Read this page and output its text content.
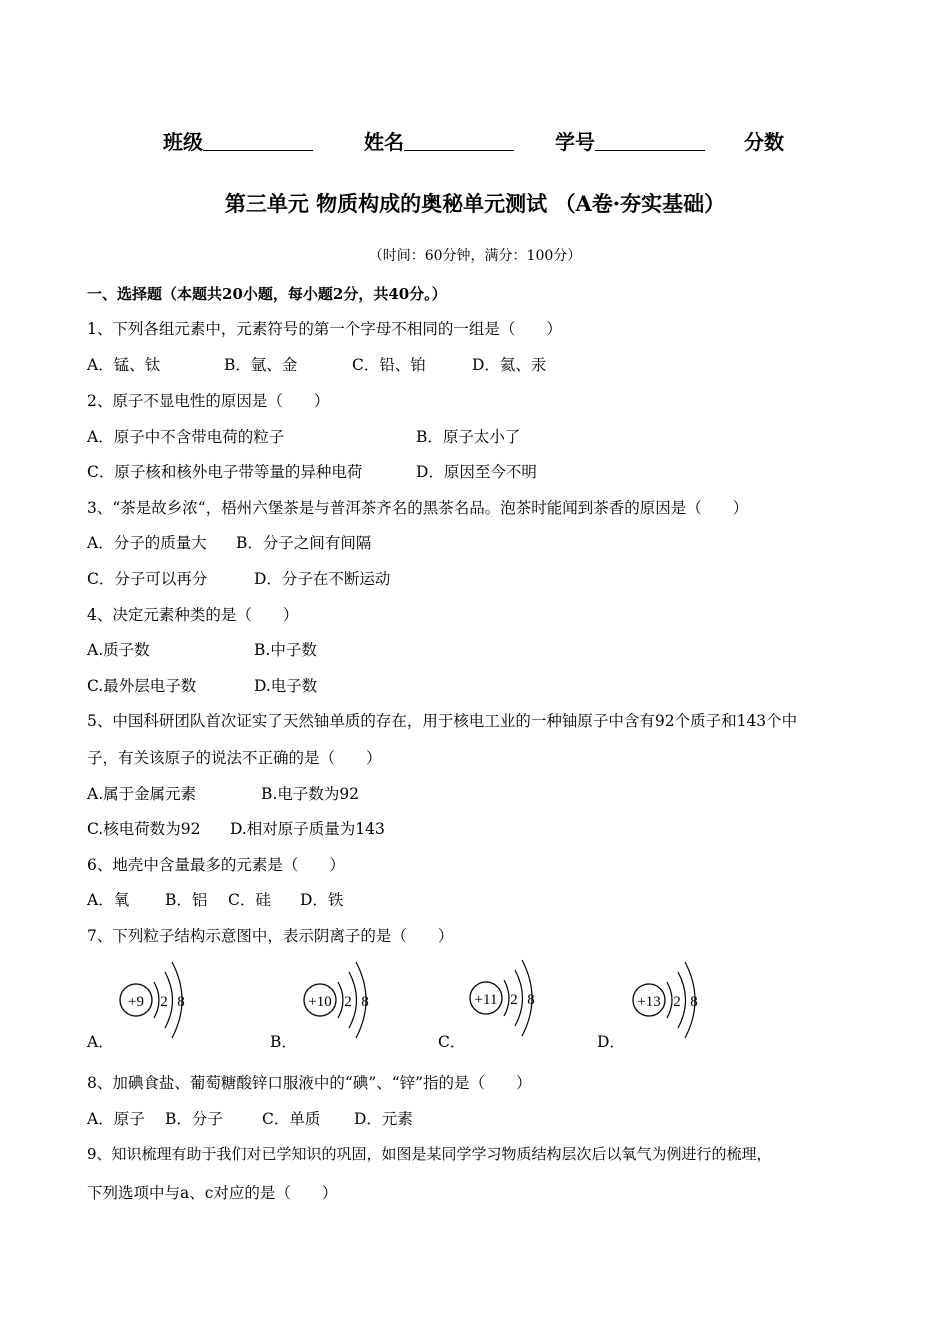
班级	姓名	学号	分数
第三单元 物质构成的奥秘单元测试 （A卷·夯实基础）
（时间：60分钟，满分：100分）
一、选择题（本题共20小题，每小题2分，共40分。）
1、下列各组元素中，元素符号的第一个字母不相同的一组是（　　）
A．锰、钛	B．氩、金	C．铅、铂	D．氦、汞
2、原子不显电性的原因是（　　）
A．原子中不含带电荷的粒子	B．原子太小了
C．原子核和核外电子带等量的异种电荷	D．原因至今不明
3、“茶是故乡浓“，梧州六堡茶是与普洱茶齐名的黑茶名品。泡茶时能闻到茶香的原因是（　　）
A．分子的质量大 B．分子之间有间隔
C．分子可以再分	D．分子在不断运动
4、决定元素种类的是（　　）
A.质子数	B.中子数
C.最外层电子数	D.电子数
5、中国科研团队首次证实了天然铀单质的存在，用于核电工业的一种铀原子中含有92个质子和143个中
子，有关该原子的说法不正确的是（　　）
A.属于金属元素	B.电子数为92
C.核电荷数为92 D.相对原子质量为143
6、地壳中含量最多的元素是（　　）
A．氧 B．铝 C．硅 D．铁
7、下列粒子结构示意图中，表示阴离子的是（　　）
A．	B．	C．	D．
+9 2 8	+10 2 8	+11 2 8	+13 2 8
8、加碘食盐、葡萄糖酸锌口服液中的“碘”、“锌”指的是（　　）
A．原子 B．分子	C．单质 D．元素
9、知识梳理有助于我们对已学知识的巩固，如图是某同学学习物质结构层次后以氧气为例进行的梳理，
下列选项中与a、c对应的是（　　）
